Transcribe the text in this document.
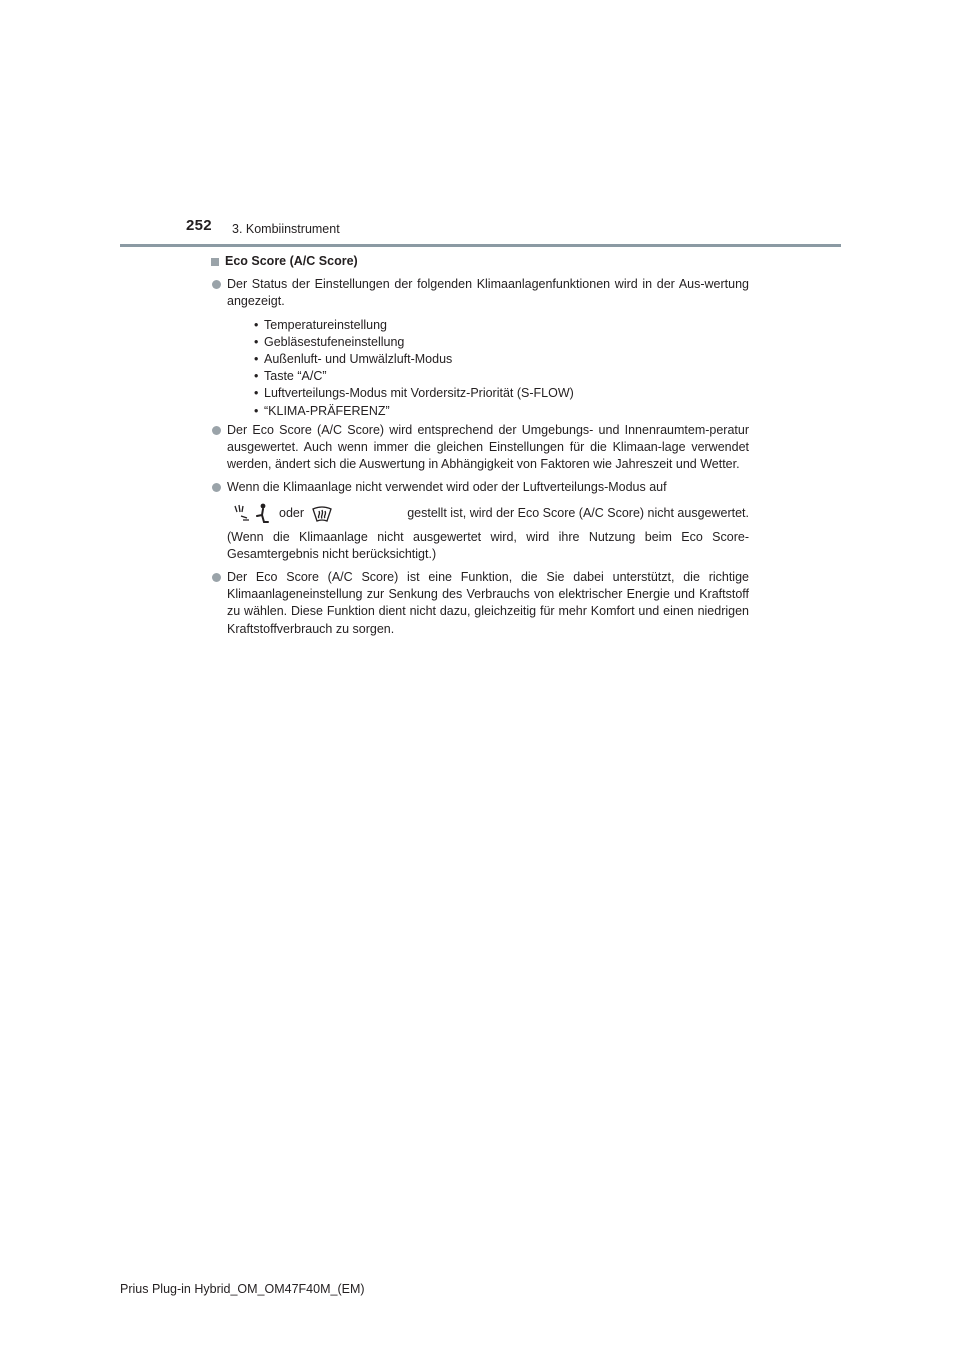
252 3. Kombiinstrument
Eco Score (A/C Score)
Der Status der Einstellungen der folgenden Klimaanlagenfunktionen wird in der Aus-wertung angezeigt.
• Temperatureinstellung
• Gebläsestufeneinstellung
• Außenluft- und Umwälzluft-Modus
• Taste “A/C”
• Luftverteilungs-Modus mit Vordersitz-Priorität (S-FLOW)
• “KLIMA-PRÄFERENZ”
Der Eco Score (A/C Score) wird entsprechend der Umgebungs- und Innenraumtem-peratur ausgewertet. Auch wenn immer die gleichen Einstellungen für die Klimaan-lage verwendet werden, ändert sich die Auswertung in Abhängigkeit von Faktoren wie Jahreszeit und Wetter.
Wenn die Klimaanlage nicht verwendet wird oder der Luftverteilungs-Modus auf
oder	gestellt ist, wird der Eco Score (A/C Score) nicht ausgewertet.
(Wenn die Klimaanlage nicht ausgewertet wird, wird ihre Nutzung beim Eco Score-Gesamtergebnis nicht berücksichtigt.)
Der Eco Score (A/C Score) ist eine Funktion, die Sie dabei unterstützt, die richtige Klimaanlageneinstellung zur Senkung des Verbrauchs von elektrischer Energie und Kraftstoff zu wählen. Diese Funktion dient nicht dazu, gleichzeitig für mehr Komfort und einen niedrigen Kraftstoffverbrauch zu sorgen.
Prius Plug-in Hybrid_OM_OM47F40M_(EM)
